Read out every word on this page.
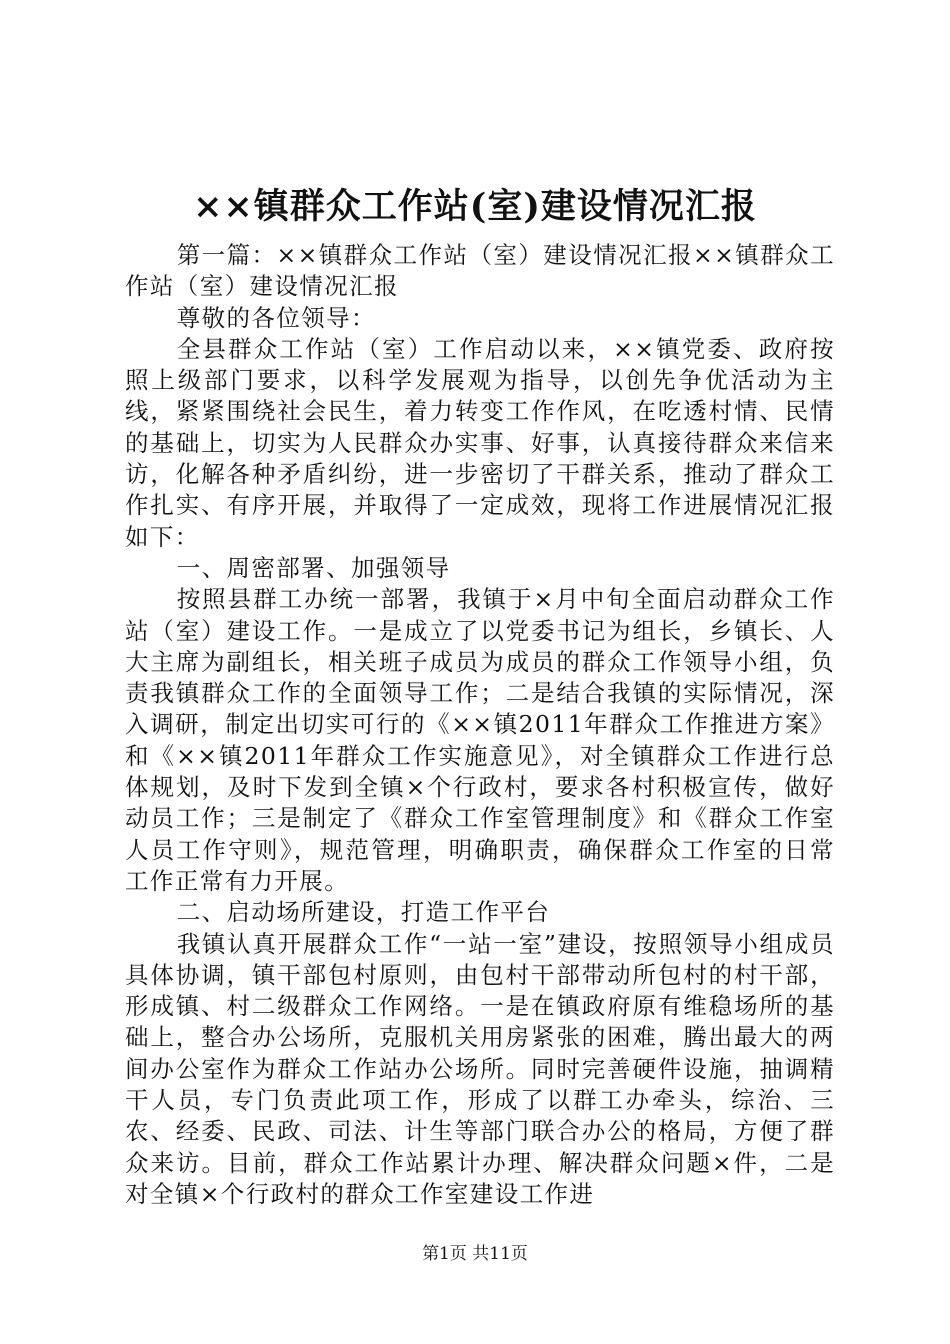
××镇群众工作站(室)建设情况汇报

第一篇：××镇群众工作站（室）建设情况汇报××镇群众工作站（室）建设情况汇报

尊敬的各位领导：

全县群众工作站（室）工作启动以来，××镇党委、政府按照上级部门要求，以科学发展观为指导，以创先争优活动为主线，紧紧围绕社会民生，着力转变工作作风，在吃透村情、民情的基础上，切实为人民群众办实事、好事，认真接待群众来信来访，化解各种矛盾纠纷，进一步密切了干群关系，推动了群众工作扎实、有序开展，并取得了一定成效，现将工作进展情况汇报如下：

一、周密部署、加强领导

按照县群工办统一部署，我镇于×月中旬全面启动群众工作站（室）建设工作。一是成立了以党委书记为组长，乡镇长、人大主席为副组长，相关班子成员为成员的群众工作领导小组，负责我镇群众工作的全面领导工作；二是结合我镇的实际情况，深入调研，制定出切实可行的《××镇2011年群众工作推进方案》和《××镇2011年群众工作实施意见》，对全镇群众工作进行总体规划，及时下发到全镇×个行政村，要求各村积极宣传，做好动员工作；三是制定了《群众工作室管理制度》和《群众工作室人员工作守则》，规范管理，明确职责，确保群众工作室的日常工作正常有力开展。

二、启动场所建设，打造工作平台

我镇认真开展群众工作“一站一室”建设，按照领导小组成员具体协调，镇干部包村原则，由包村干部带动所包村的村干部，形成镇、村二级群众工作网络。一是在镇政府原有维稳场所的基础上，整合办公场所，克服机关用房紧张的困难，腾出最大的两间办公室作为群众工作站办公场所。同时完善硬件设施，抽调精干人员，专门负责此项工作，形成了以群工办牵头，综治、三农、经委、民政、司法、计生等部门联合办公的格局，方便了群众来访。目前，群众工作站累计办理、解决群众问题×件，二是对全镇×个行政村的群众工作室建设工作进

第1页 共11页
